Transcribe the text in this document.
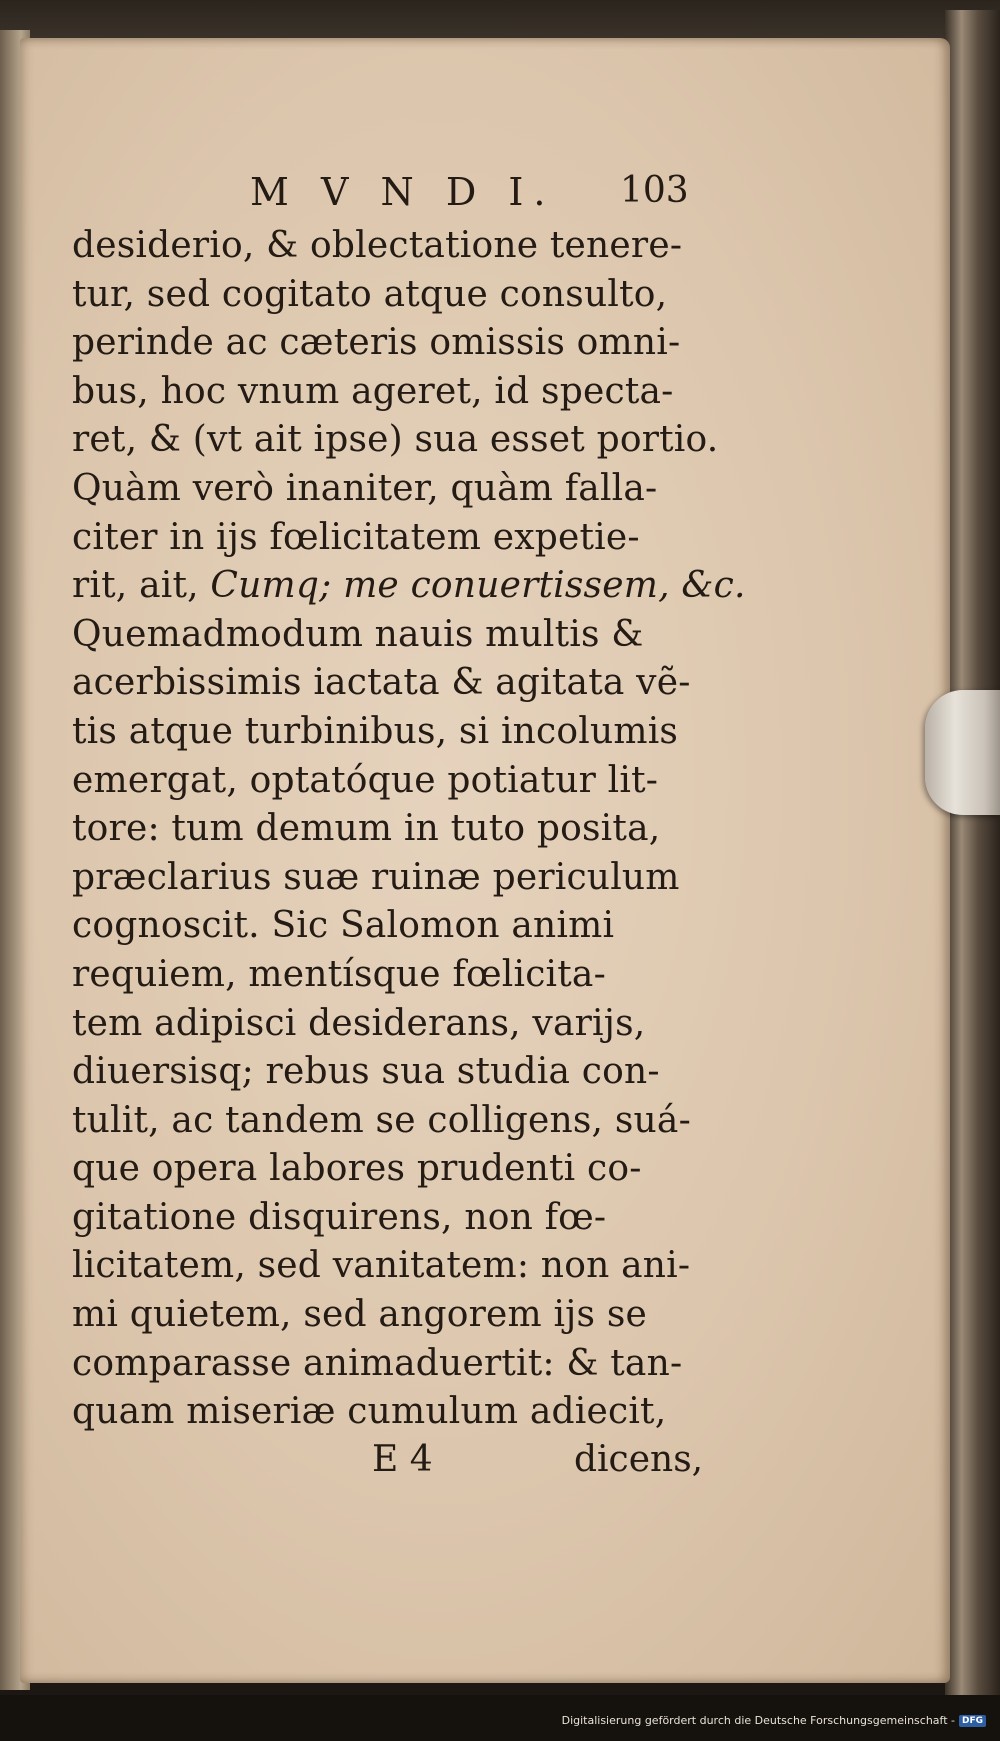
M V N D I. 103
desiderio, & oblectatione tenere-
tur, sed cogitato atque consulto,
perinde ac cæteris omissis omni-
bus, hoc vnum ageret, id specta-
ret, & (vt ait ipse) sua esset portio.
Quàm verò inaniter, quàm falla-
citer in ijs fœlicitatem expetie-
rit, ait, Cumq; me conuertissem, &c.
Quemadmodum nauis multis &
acerbissimis iactata & agitata vẽ-
tis atque turbinibus, si incolumis
emergat, optatóque potiatur lit-
tore: tum demum in tuto posita,
præclarius suæ ruinæ periculum
cognoscit. Sic Salomon animi
requiem, mentísque fœlicita-
tem adipisci desiderans, varijs,
diuersisq; rebus sua studia con-
tulit, ac tandem se colligens, suá-
que opera labores prudenti co-
gitatione disquirens, non fœ-
licitatem, sed vanitatem: non ani-
mi quietem, sed angorem ijs se
comparasse animaduertit: & tan-
quam miseriæ cumulum adiecit,
E 4	dicens,
Digitalisierung gefördert durch die Deutsche Forschungsgemeinschaft - DFG
